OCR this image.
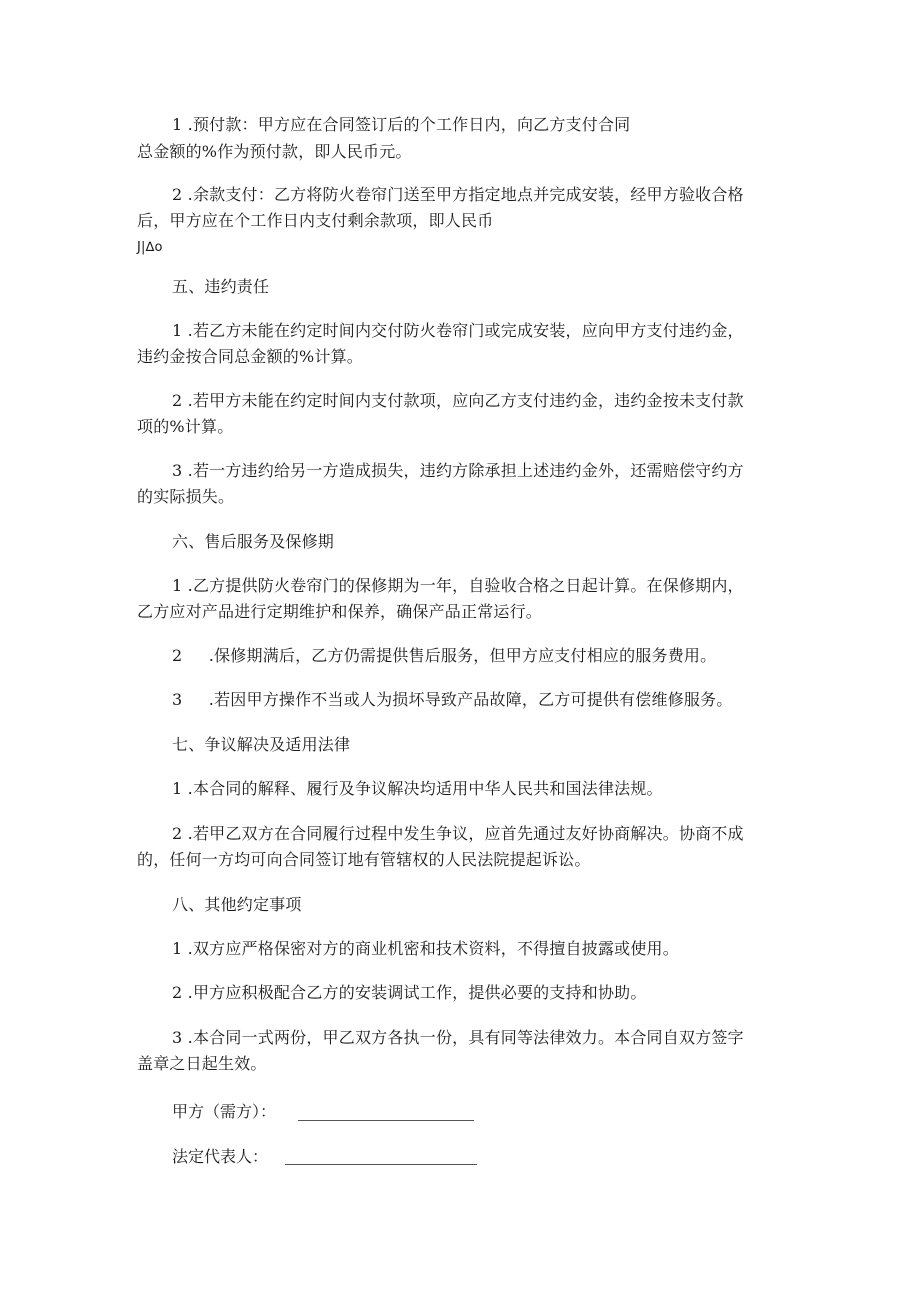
1 .预付款：甲方应在合同签订后的个工作日内，向乙方支付合同
总金额的%作为预付款，即人民币元。
2 .余款支付：乙方将防火卷帘门送至甲方指定地点并完成安装，经甲方验收合格
后，甲方应在个工作日内支付剩余款项，即人民币
J|∆o
五、违约责任
1 .若乙方未能在约定时间内交付防火卷帘门或完成安装，应向甲方支付违约金，
违约金按合同总金额的%计算。
2 .若甲方未能在约定时间内支付款项，应向乙方支付违约金，违约金按未支付款
项的%计算。
3 .若一方违约给另一方造成损失，违约方除承担上述违约金外，还需赔偿守约方
的实际损失。
六、售后服务及保修期
1 .乙方提供防火卷帘门的保修期为一年，自验收合格之日起计算。在保修期内，
乙方应对产品进行定期维护和保养，确保产品正常运行。
2     .保修期满后，乙方仍需提供售后服务，但甲方应支付相应的服务费用。
3     .若因甲方操作不当或人为损坏导致产品故障，乙方可提供有偿维修服务。
七、争议解决及适用法律
1 .本合同的解释、履行及争议解决均适用中华人民共和国法律法规。
2 .若甲乙双方在合同履行过程中发生争议，应首先通过友好协商解决。协商不成
的，任何一方均可向合同签订地有管辖权的人民法院提起诉讼。
八、其他约定事项
1 .双方应严格保密对方的商业机密和技术资料，不得擅自披露或使用。
2 .甲方应积极配合乙方的安装调试工作，提供必要的支持和协助。
3 .本合同一式两份，甲乙双方各执一份，具有同等法律效力。本合同自双方签字
盖章之日起生效。
甲方（需方）：
法定代表人：
